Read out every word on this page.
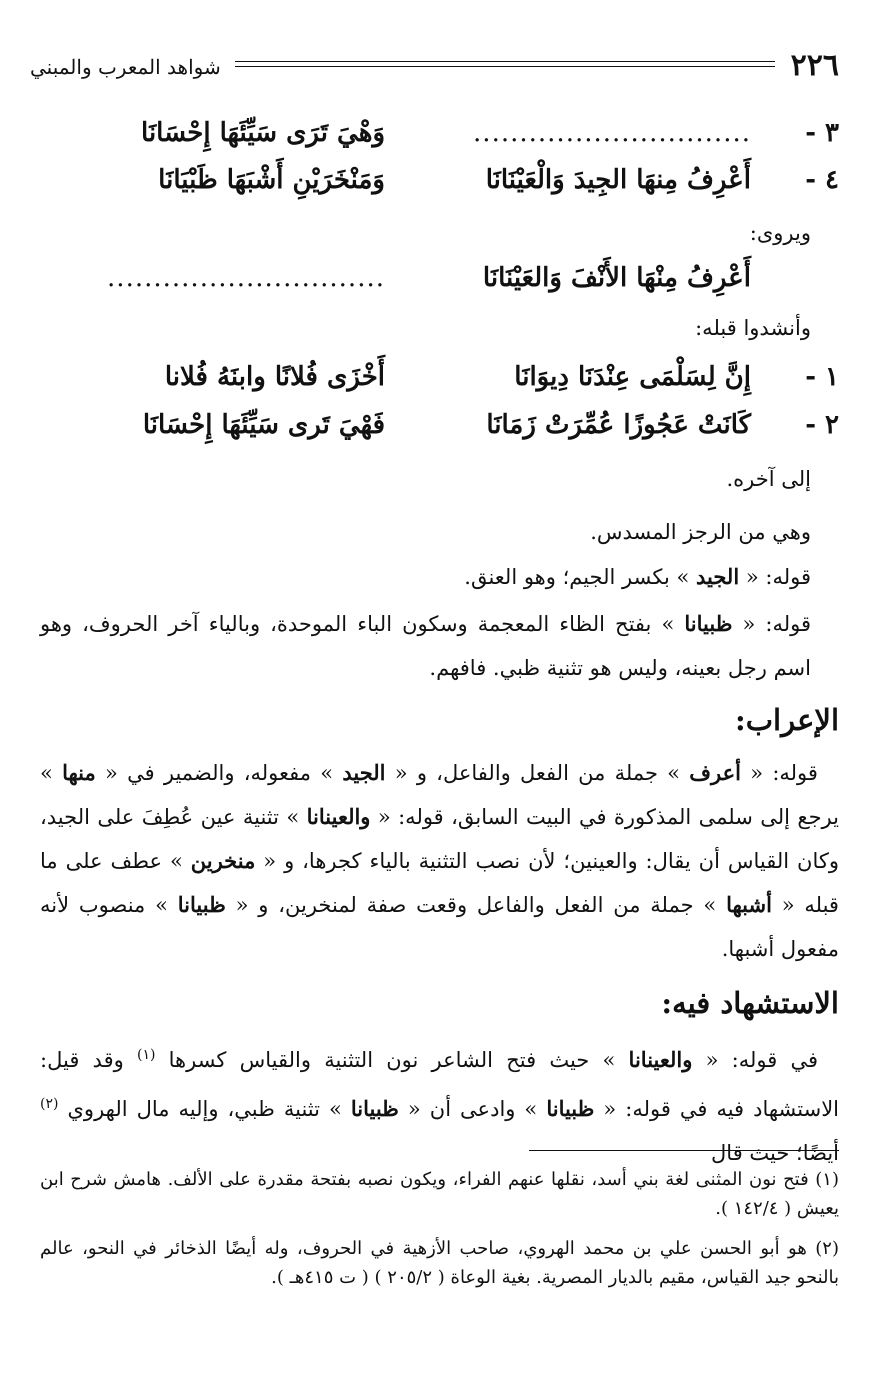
٢٢٦
شواهد المعرب والمبني
٣ -
..............................
وَهْيَ تَرَى سَيِّئَهَا إِحْسَانَا
٤ -
أَعْرِفُ مِنهَا الجِيدَ وَالْعَيْنَانَا
وَمَنْخَرَيْنِ أَشْبَهَا ظَبْيَانَا
ويروى:
أَعْرِفُ مِنْهَا الأَنْفَ وَالعَيْنَانَا
..............................
وأنشدوا قبله:
١ -
إِنَّ لِسَلْمَى عِنْدَنَا دِيوَانَا
أَخْزَى فُلانًا وابنَهُ فُلانا
٢ -
كَانَتْ عَجُوزًا عُمِّرَتْ زَمَانَا
فَهْيَ تَرى سَيِّئَهَا إِحْسَانَا
إلى آخره.
وهي من الرجز المسدس.
قوله: « الجيد » بكسر الجيم؛ وهو العنق.
قوله: « ظبيانا » بفتح الظاء المعجمة وسكون الباء الموحدة، وبالياء آخر الحروف، وهو اسم رجل بعينه، وليس هو تثنية ظبي. فافهم.
الإعراب:
 قوله: « أعرف » جملة من الفعل والفاعل، و « الجيد » مفعوله، والضمير في « منها » يرجع إلى سلمى المذكورة في البيت السابق، قوله: « والعينانا » تثنية عين عُطِفَ على الجيد، وكان القياس أن يقال: والعينين؛ لأن نصب التثنية بالياء كجرها، و « منخرين » عطف على ما قبله « أشبها » جملة من الفعل والفاعل وقعت صفة لمنخرين، و « ظبيانا » منصوب لأنه مفعول أشبها.
الاستشهاد فيه:
 في قوله: « والعينانا » حيث فتح الشاعر نون التثنية والقياس كسرها $^{(١)}$ وقد قيل: الاستشهاد فيه في قوله: « ظبيانا » وادعى أن « ظبيانا » تثنية ظبي، وإليه مال الهروي $^{(٢)}$ أيضًا؛ حيث قال
(١) فتح نون المثنى لغة بني أسد، نقلها عنهم الفراء، ويكون نصبه بفتحة مقدرة على الألف. هامش شرح ابن يعيش ( ١٤٢/٤ ).
(٢) هو أبو الحسن علي بن محمد الهروي، صاحب الأزهية في الحروف، وله أيضًا الذخائر في النحو، عالم بالنحو جيد القياس، مقيم بالديار المصرية. بغية الوعاة ( ٢٠٥/٢ ) ( ت ٤١٥هـ ).
